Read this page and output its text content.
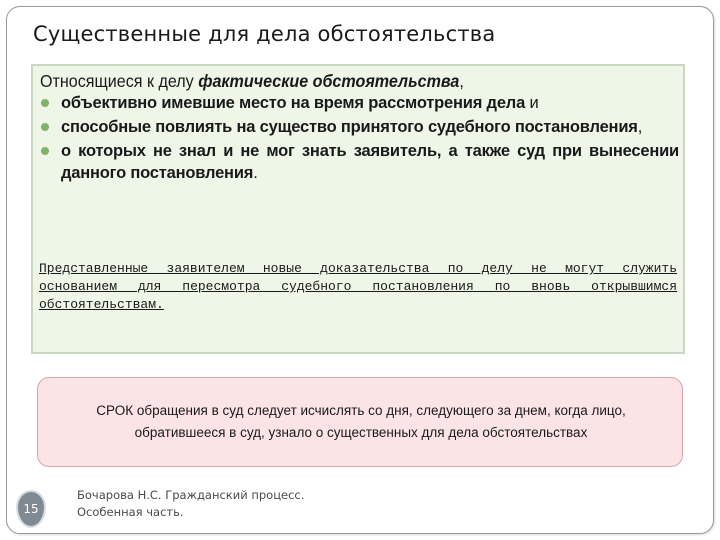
Существенные для дела обстоятельства
Относящиеся к делу фактические обстоятельства,
объективно имевшие место на время рассмотрения дела и
способные повлиять на существо принятого судебного постановления,
о которых не знал и не мог знать заявитель, а также суд при вынесении данного постановления.
Представленные заявителем новые доказательства по делу не могут служить основанием для пересмотра судебного постановления по вновь открывшимся обстоятельствам.
СРОК обращения в суд следует исчислять со дня, следующего за днем, когда лицо, обратившееся в суд, узнало о существенных для дела обстоятельствах
15
Бочарова Н.С. Гражданский процесс.
Особенная часть.
